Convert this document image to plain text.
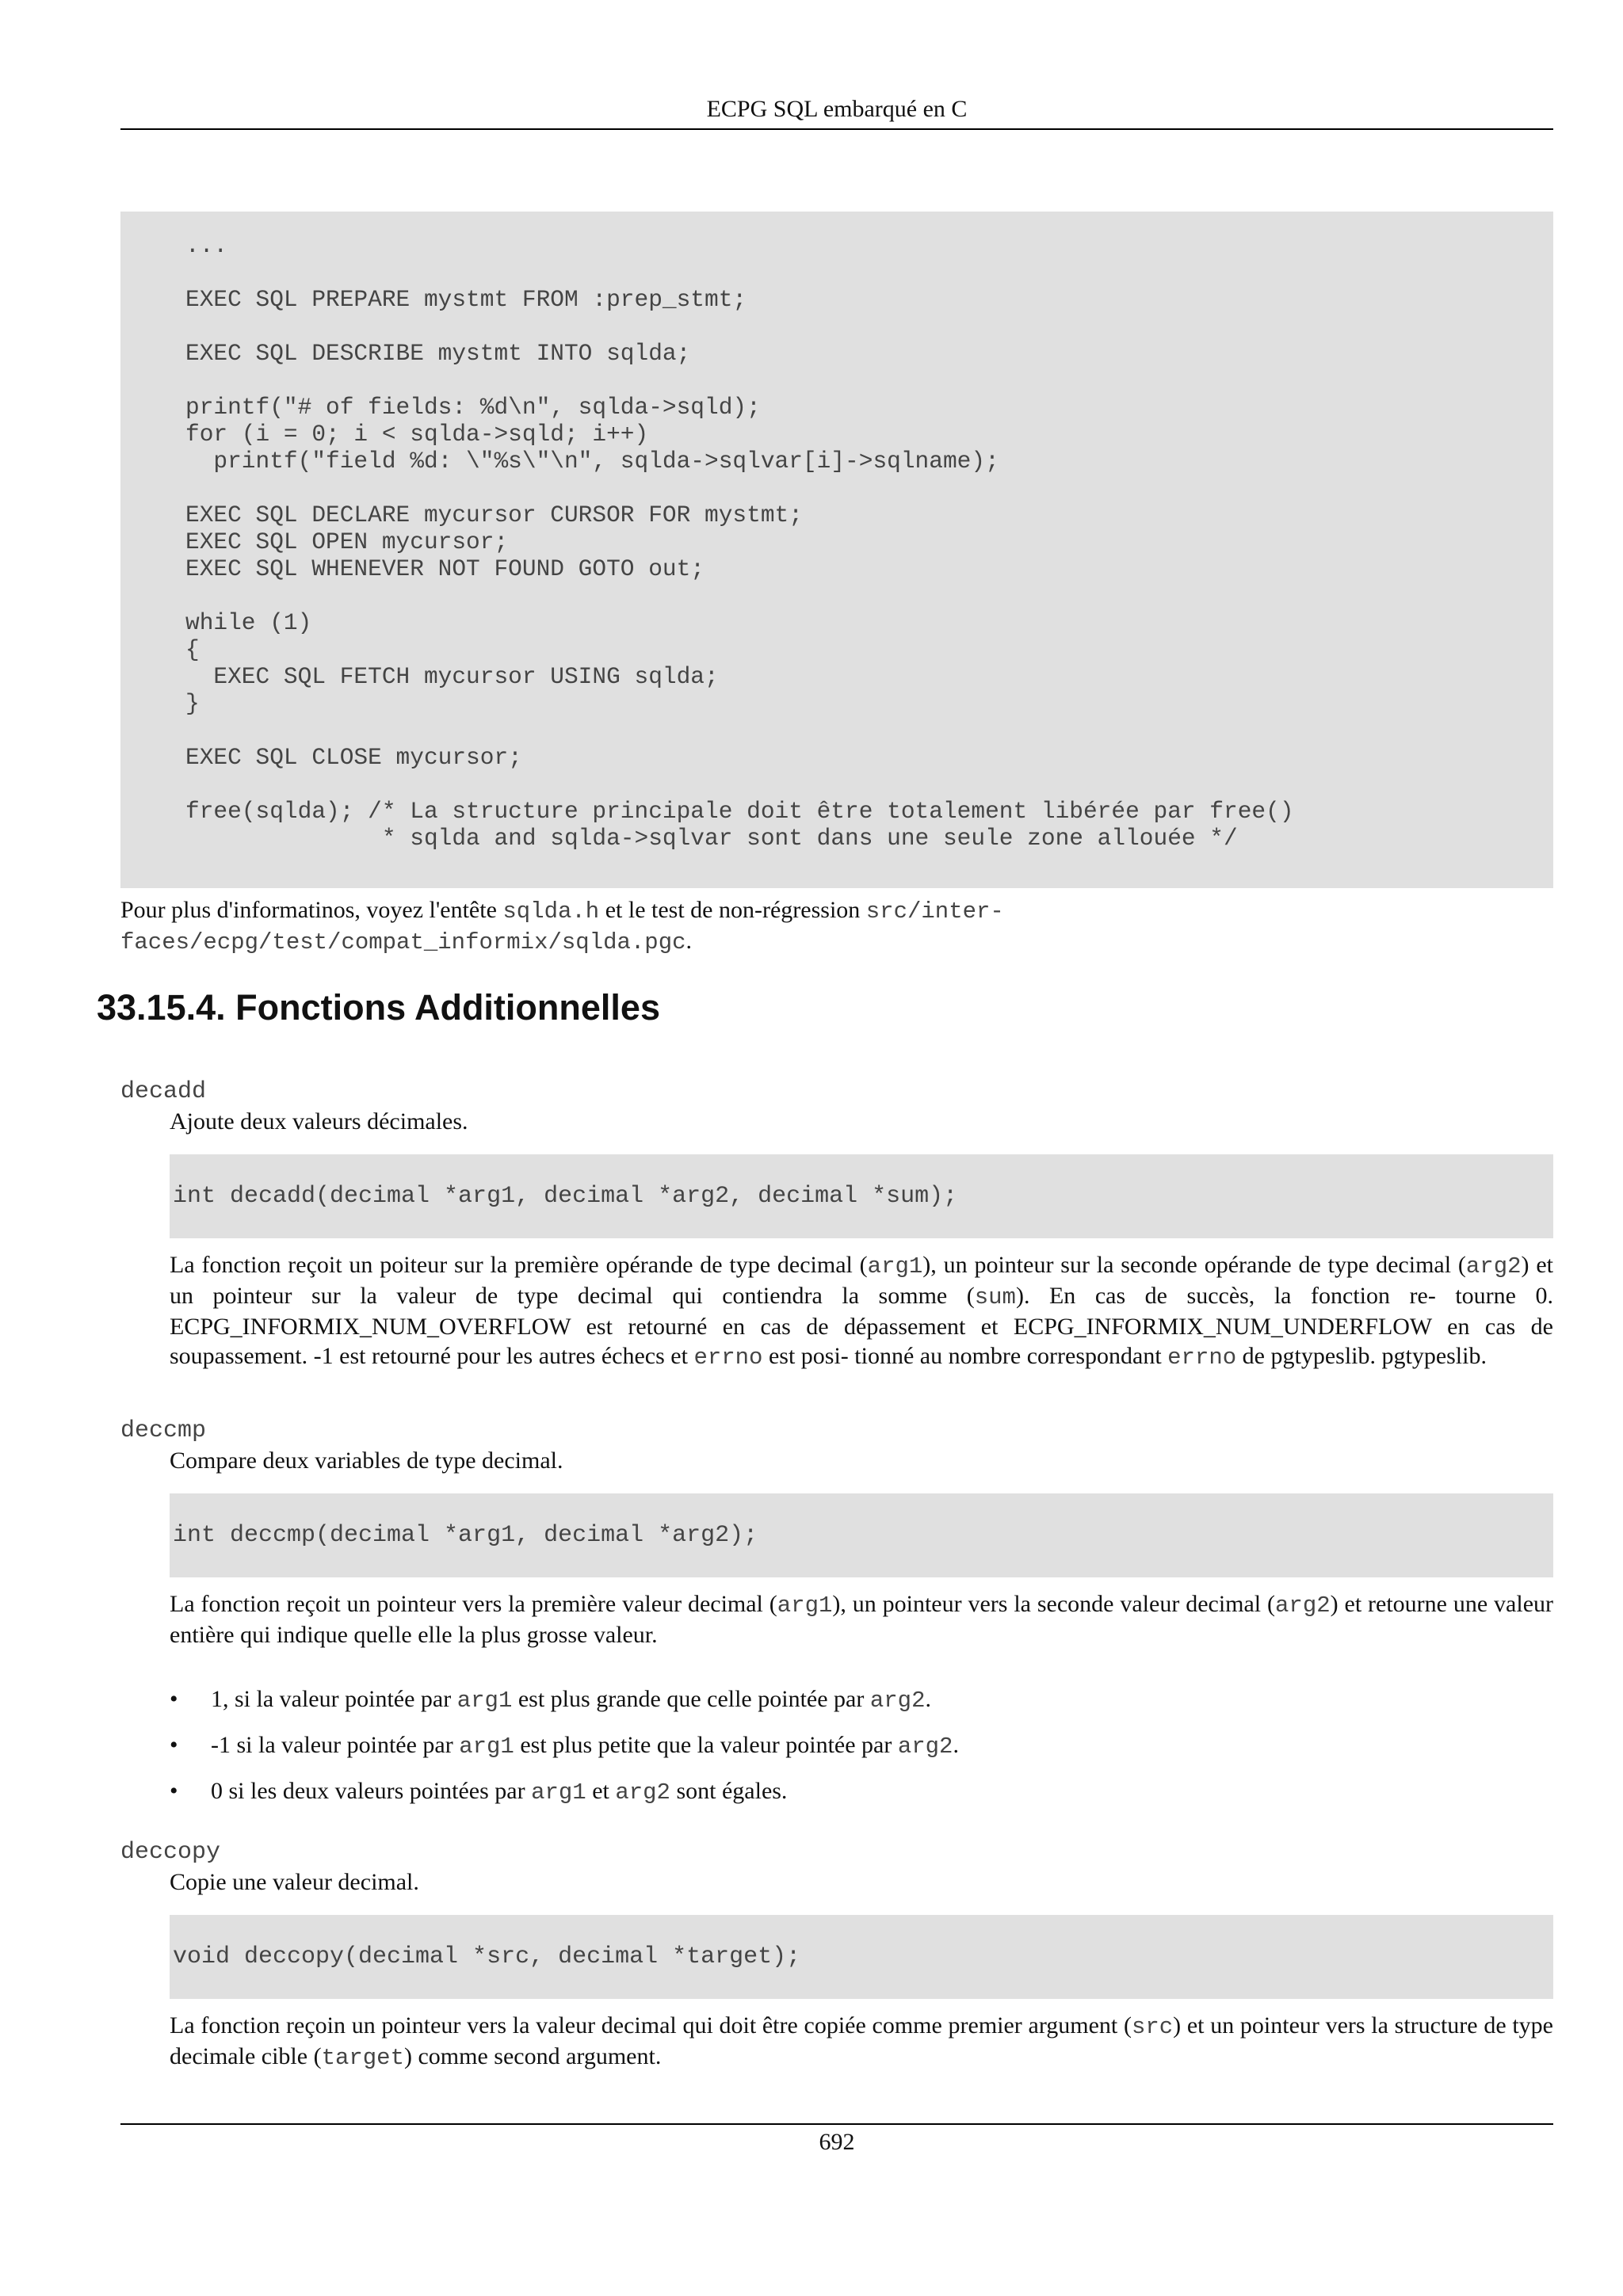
ECPG SQL embarqué en C
...

EXEC SQL PREPARE mystmt FROM :prep_stmt;

EXEC SQL DESCRIBE mystmt INTO sqlda;

printf("# of fields: %d\n", sqlda->sqld);
for (i = 0; i < sqlda->sqld; i++)
printf("field %d: \"%s\"\n", sqlda->sqlvar[i]->sqlname);

EXEC SQL DECLARE mycursor CURSOR FOR mystmt;
EXEC SQL OPEN mycursor;
EXEC SQL WHENEVER NOT FOUND GOTO out;

while (1)
{
EXEC SQL FETCH mycursor USING sqlda;
}

EXEC SQL CLOSE mycursor;

free(sqlda); /* La structure principale doit être totalement libérée par free()
* sqlda and sqlda->sqlvar sont dans une seule zone allouée */
Pour plus d'informatinos, voyez l'entête sqlda.h et le test de non-régression src/inter-
faces/ecpg/test/compat_informix/sqlda.pgc.
33.15.4. Fonctions Additionnelles
decadd
Ajoute deux valeurs décimales.
int decadd(decimal *arg1, decimal *arg2, decimal *sum);
La fonction reçoit un poiteur sur la première opérande de type decimal (arg1), un pointeur sur la seconde opérande de type decimal (arg2) et un pointeur sur la valeur de type decimal qui contiendra la somme (sum). En cas de succès, la fonction re- tourne 0. ECPG_INFORMIX_NUM_OVERFLOW est retourné en cas de dépassement et ECPG_INFORMIX_NUM_UNDERFLOW en cas de soupassement. -1 est retourné pour les autres échecs et errno est posi- tionné au nombre correspondant errno de pgtypeslib. pgtypeslib.
deccmp
Compare deux variables de type decimal.
int deccmp(decimal *arg1, decimal *arg2);
La fonction reçoit un pointeur vers la première valeur decimal (arg1), un pointeur vers la seconde valeur decimal (arg2) et retourne une valeur entière qui indique quelle elle la plus grosse valeur.
• 1, si la valeur pointée par arg1 est plus grande que celle pointée par arg2.
• -1 si la valeur pointée par arg1 est plus petite que la valeur pointée par arg2.
• 0 si les deux valeurs pointées par arg1 et arg2 sont égales.
deccopy
Copie une valeur decimal.
void deccopy(decimal *src, decimal *target);
La fonction reçoin un pointeur vers la valeur decimal qui doit être copiée comme premier argument (src) et un pointeur vers la structure de type decimale cible (target) comme second argument.
692
